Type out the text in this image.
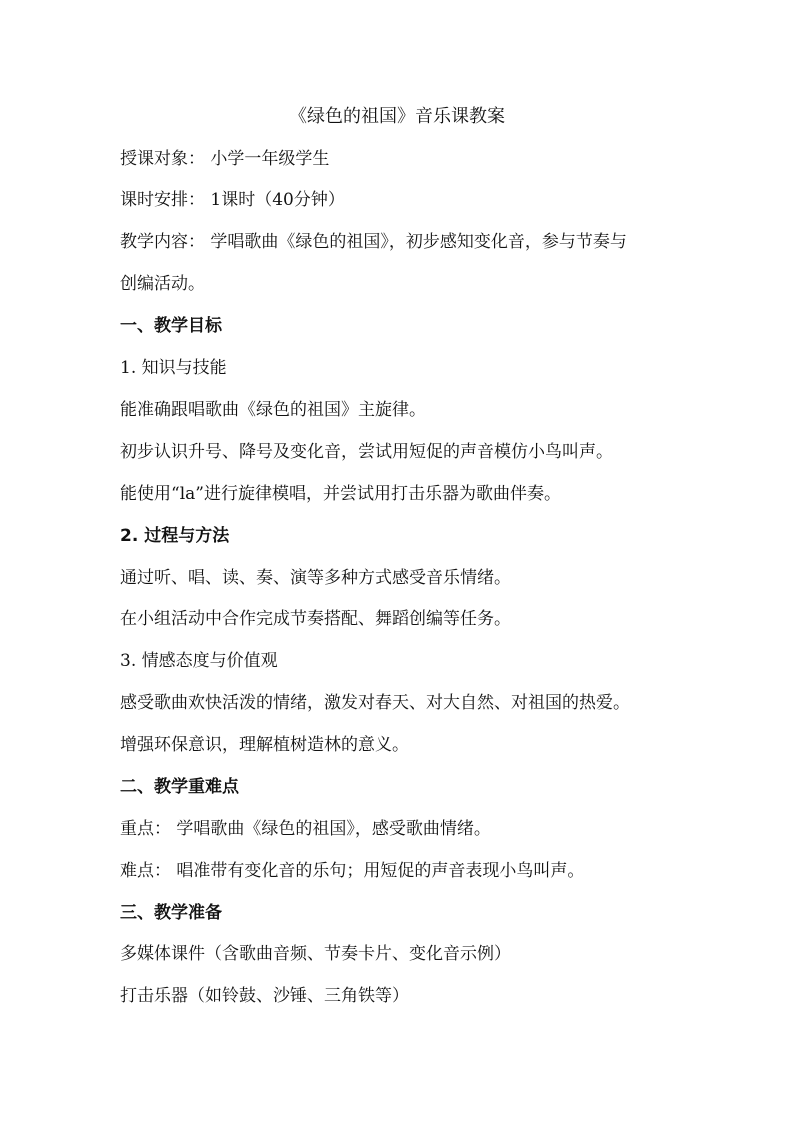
《绿色的祖国》音乐课教案
授课对象： 小学一年级学生
课时安排： 1课时（40分钟）
教学内容： 学唱歌曲《绿色的祖国》，初步感知变化音，参与节奏与
创编活动。
一、教学目标
1. 知识与技能
能准确跟唱歌曲《绿色的祖国》主旋律。
初步认识升号、降号及变化音，尝试用短促的声音模仿小鸟叫声。
能使用“la”进行旋律模唱，并尝试用打击乐器为歌曲伴奏。
2. 过程与方法
通过听、唱、读、奏、演等多种方式感受音乐情绪。
在小组活动中合作完成节奏搭配、舞蹈创编等任务。
3. 情感态度与价值观
感受歌曲欢快活泼的情绪，激发对春天、对大自然、对祖国的热爱。
增强环保意识，理解植树造林的意义。
二、教学重难点
重点： 学唱歌曲《绿色的祖国》，感受歌曲情绪。
难点： 唱准带有变化音的乐句；用短促的声音表现小鸟叫声。
三、教学准备
多媒体课件（含歌曲音频、节奏卡片、变化音示例）
打击乐器（如铃鼓、沙锤、三角铁等）
